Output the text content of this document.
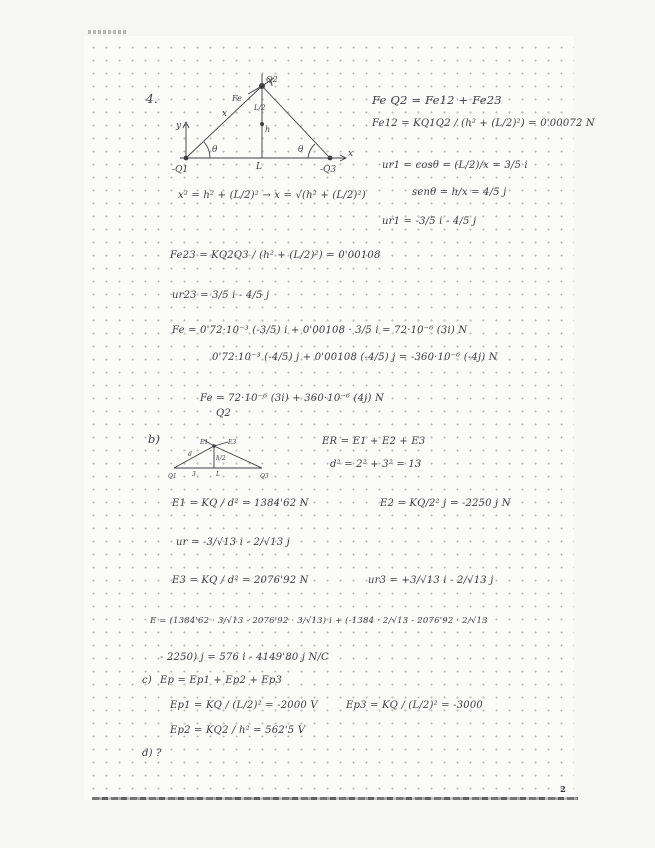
4.
y
x
-Q1	-Q3
Q2
x
h
L
L/2
θ	θ
Fe	Fe Q2 = Fe12 + Fe23
Fe12 = KQ1Q2 / (h² + (L/2)²) = 0'00072 N
ur1 = cosθ = (L/2)/x = 3/5 i
senθ = h/x = 4/5 j
ur1 = -3/5 i - 4/5 j
x² = h² + (L/2)² → x = √(h² + (L/2)²)
Fe23 = KQ2Q3 / (h² + (L/2)²) = 0'00108
ur23 = 3/5 i - 4/5 j
Fe = 0'72·10⁻³ (-3/5) i + 0'00108 · 3/5 i = 72·10⁻⁶ (3i) N
0'72·10⁻³ (-4/5) j + 0'00108 (-4/5) j = -360·10⁻⁶ (-4j) N
Fe = 72·10⁻⁶ (3i) + 360·10⁻⁶ (4j) N
Q2
b)	E1	E3
h/2
d
3	L
Q1	Q3
ER = E1 + E2 + E3
d² = 2² + 3² = 13
E1 = KQ / d² = 1384'62 N	E2 = KQ/2² j = -2250 j N
ur = -3/√13 i - 2/√13 j
E3 = KQ / d² = 2076'92 N	ur3 = +3/√13 i - 2/√13 j
E = (1384'62 · 3/√13 - 2076'92 · 3/√13) i + (-1384 · 2/√13 - 2076'92 · 2/√13
- 2250) j = 576 i - 4149'80 j N/C
c) Ep = Ep1 + Ep2 + Ep3
Ep1 = KQ / (L/2)² = -2000 V	Ep3 = KQ / (L/2)² = -3000
Ep2 = KQ2 / h² = 562'5 V
d) ?
2
